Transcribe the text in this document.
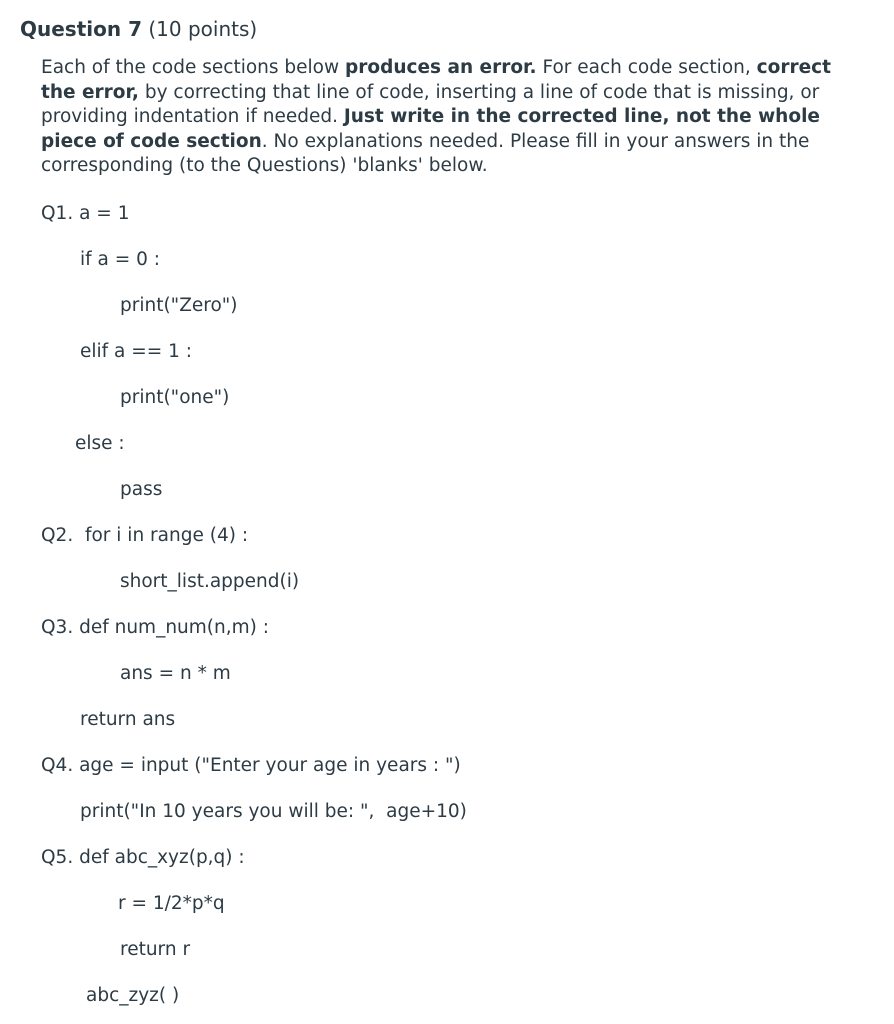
Question 7 (10 points)
Each of the code sections below produces an error. For each code section, correct the error, by correcting that line of code, inserting a line of code that is missing, or providing indentation if needed. Just write in the corrected line, not the whole piece of code section. No explanations needed. Please fill in your answers in the corresponding (to the Questions) 'blanks' below.
Q1. a = 1
if a = 0 :
print("Zero")
elif a == 1 :
print("one")
else :
pass
Q2.  for i in range (4) :
short_list.append(i)
Q3. def num_num(n,m) :
ans = n * m
return ans
Q4. age = input ("Enter your age in years : ")
print("In 10 years you will be: ",  age+10)
Q5. def abc_xyz(p,q) :
r = 1/2*p*q
return r
abc_zyz( )
